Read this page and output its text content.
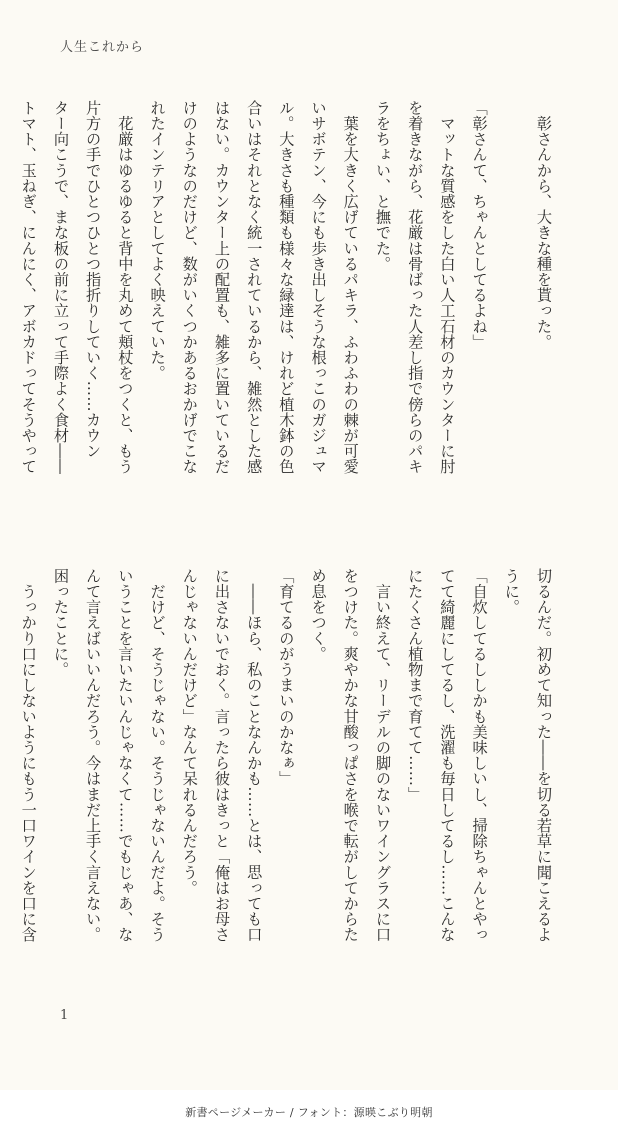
人生これから
　彰さんから、大きな種を貰った。
「彰さんて、ちゃんとしてるよね」
　マットな質感をした白い人工石材のカウンターに肘
を着きながら、花厳は骨ばった人差し指で傍らのパキ
ラをちょい、と撫でた。
　葉を大きく広げているパキラ、ふわふわの棘が可愛
いサボテン、今にも歩き出しそうな根っこのガジュマ
ル。大きさも種類も様々な緑達は、けれど植木鉢の色
合いはそれとなく統一されているから、雑然とした感
はない。カウンター上の配置も、雑多に置いているだ
けのようなのだけど、数がいくつかあるおかげでこな
れたインテリアとしてよく映えていた。
　花厳はゆるゆると背中を丸めて頬杖をつくと、もう
片方の手でひとつひとつ指折りしていく……カウン
ター向こうで、まな板の前に立って手際よく食材――
トマト、玉ねぎ、にんにく、アボカドってそうやって
切るんだ。初めて知った――を切る若草に聞こえるよ
うに。
「自炊してるししかも美味しいし、掃除ちゃんとやっ
てて綺麗にしてるし、洗濯も毎日してるし……こんな
にたくさん植物まで育てて……」
　言い終えて、リーデルの脚のないワイングラスに口
をつけた。爽やかな甘酸っぱさを喉で転がしてからた
め息をつく。
「育てるのがうまいのかなぁ」
　――ほら、私のことなんかも……とは、思っても口
に出さないでおく。言ったら彼はきっと「俺はお母さ
んじゃないんだけど」なんて呆れるんだろう。
　だけど、そうじゃない。そうじゃないんだよ。そう
いうことを言いたいんじゃなくて……でもじゃあ、な
んて言えばいいんだろう。今はまだ上手く言えない。
困ったことに。
　うっかり口にしないようにもう一口ワインを口に含
1
新書ページメーカー / フォント：源暎こぶり明朝
